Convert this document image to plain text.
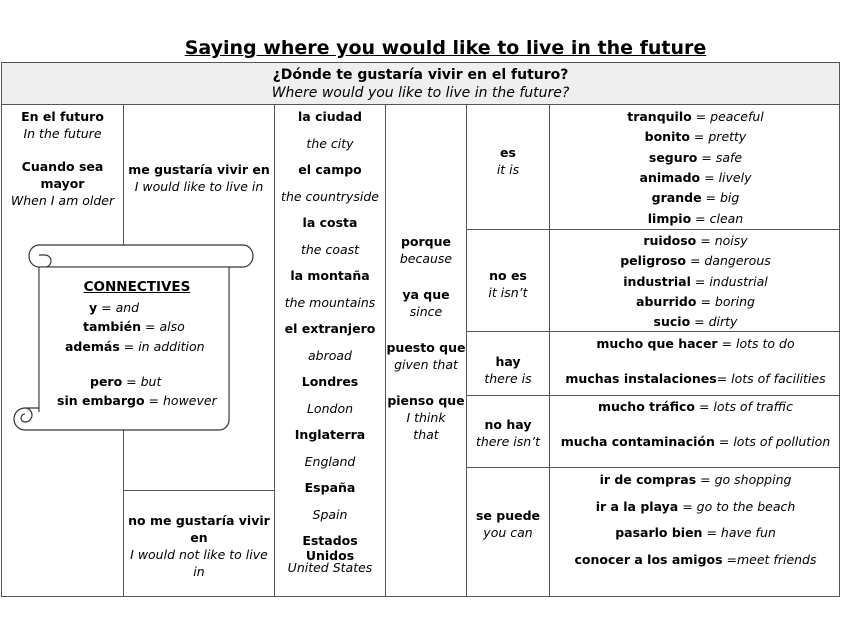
Saying where you would like to live in the future
¿Dónde te gustaría vivir en el futuro?
Where would you like to live in the future?
En el futuro
In the future
Cuando sea
mayor
When I am older
me gustaría vivir en
I would like to live in
no me gustaría vivir en
I would not like to live in
la ciudad
the city
el campo
the countryside
la costa
the coast
la montaña
the mountains
el extranjero
abroad
Londres
London
Inglaterra
England
España
Spain
Estados Unidos
United States
porque
because
ya que
since
puesto que
given that
pienso que
I think that
es
it is
no es
it isn’t
hay
there is
no hay
there isn’t
se puede
you can
tranquilo = peaceful
bonito = pretty
seguro = safe
animado = lively
grande = big
limpio = clean
ruidoso = noisy
peligroso = dangerous
industrial = industrial
aburrido = boring
sucio = dirty
mucho que hacer = lots to do
muchas instalaciones= lots of facilities
mucho tráfico = lots of traffic
mucha contaminación = lots of pollution
ir de compras = go shopping
ir a la playa = go to the beach
pasarlo bien = have fun
conocer a los amigos =meet friends
CONNECTIVES
y = and
también = also
además = in addition
pero = but
sin embargo = however
